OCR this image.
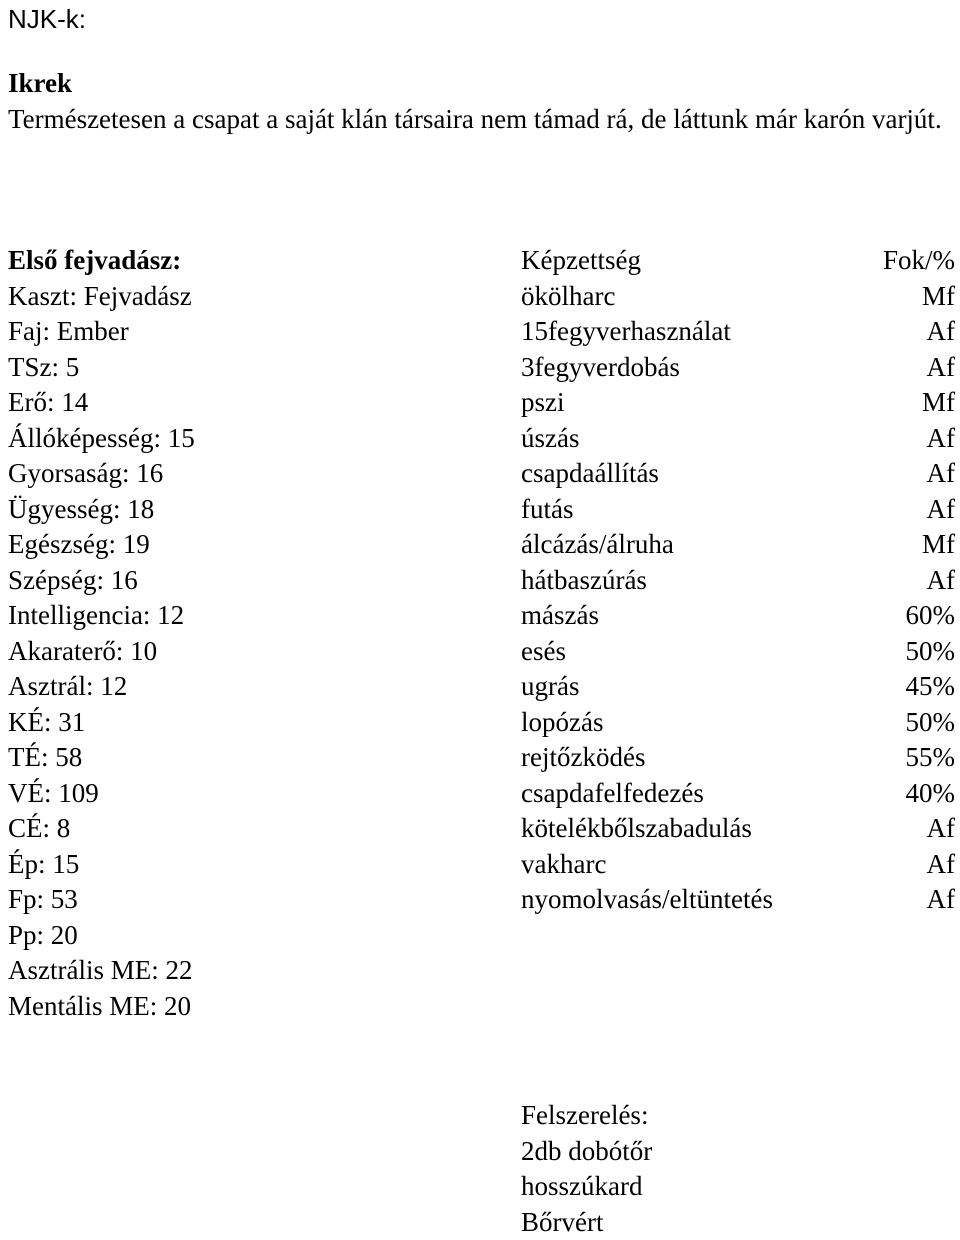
NJK-k:
Ikrek
Természetesen a csapat a saját klán társaira nem támad rá, de láttunk már karón varjút.
Első fejvadász:
Kaszt: Fejvadász
Faj: Ember
TSz: 5
Erő: 14
Állóképesség: 15
Gyorsaság: 16
Ügyesség: 18
Egészség: 19
Szépség: 16
Intelligencia: 12
Akaraterő: 10
Asztrál: 12
KÉ: 31
TÉ: 58
VÉ: 109
CÉ: 8
Ép: 15
Fp: 53
Pp: 20
Asztrális ME: 22
Mentális ME: 20
Képzettség	Fok/%
ökölharc	Mf
15fegyverhasználat	Af
3fegyverdobás	Af
pszi	Mf
úszás	Af
csapdaállítás	Af
futás	Af
álcázás/álruha	Mf
hátbaszúrás	Af
mászás	60%
esés	50%
ugrás	45%
lopózás	50%
rejtőzködés	55%
csapdafelfedezés	40%
kötelékbőlszabadulás	Af
vakharc	Af
nyomolvasás/eltüntetés	Af
Felszerelés:
2db dobótőr
hosszúkard
Bőrvért
